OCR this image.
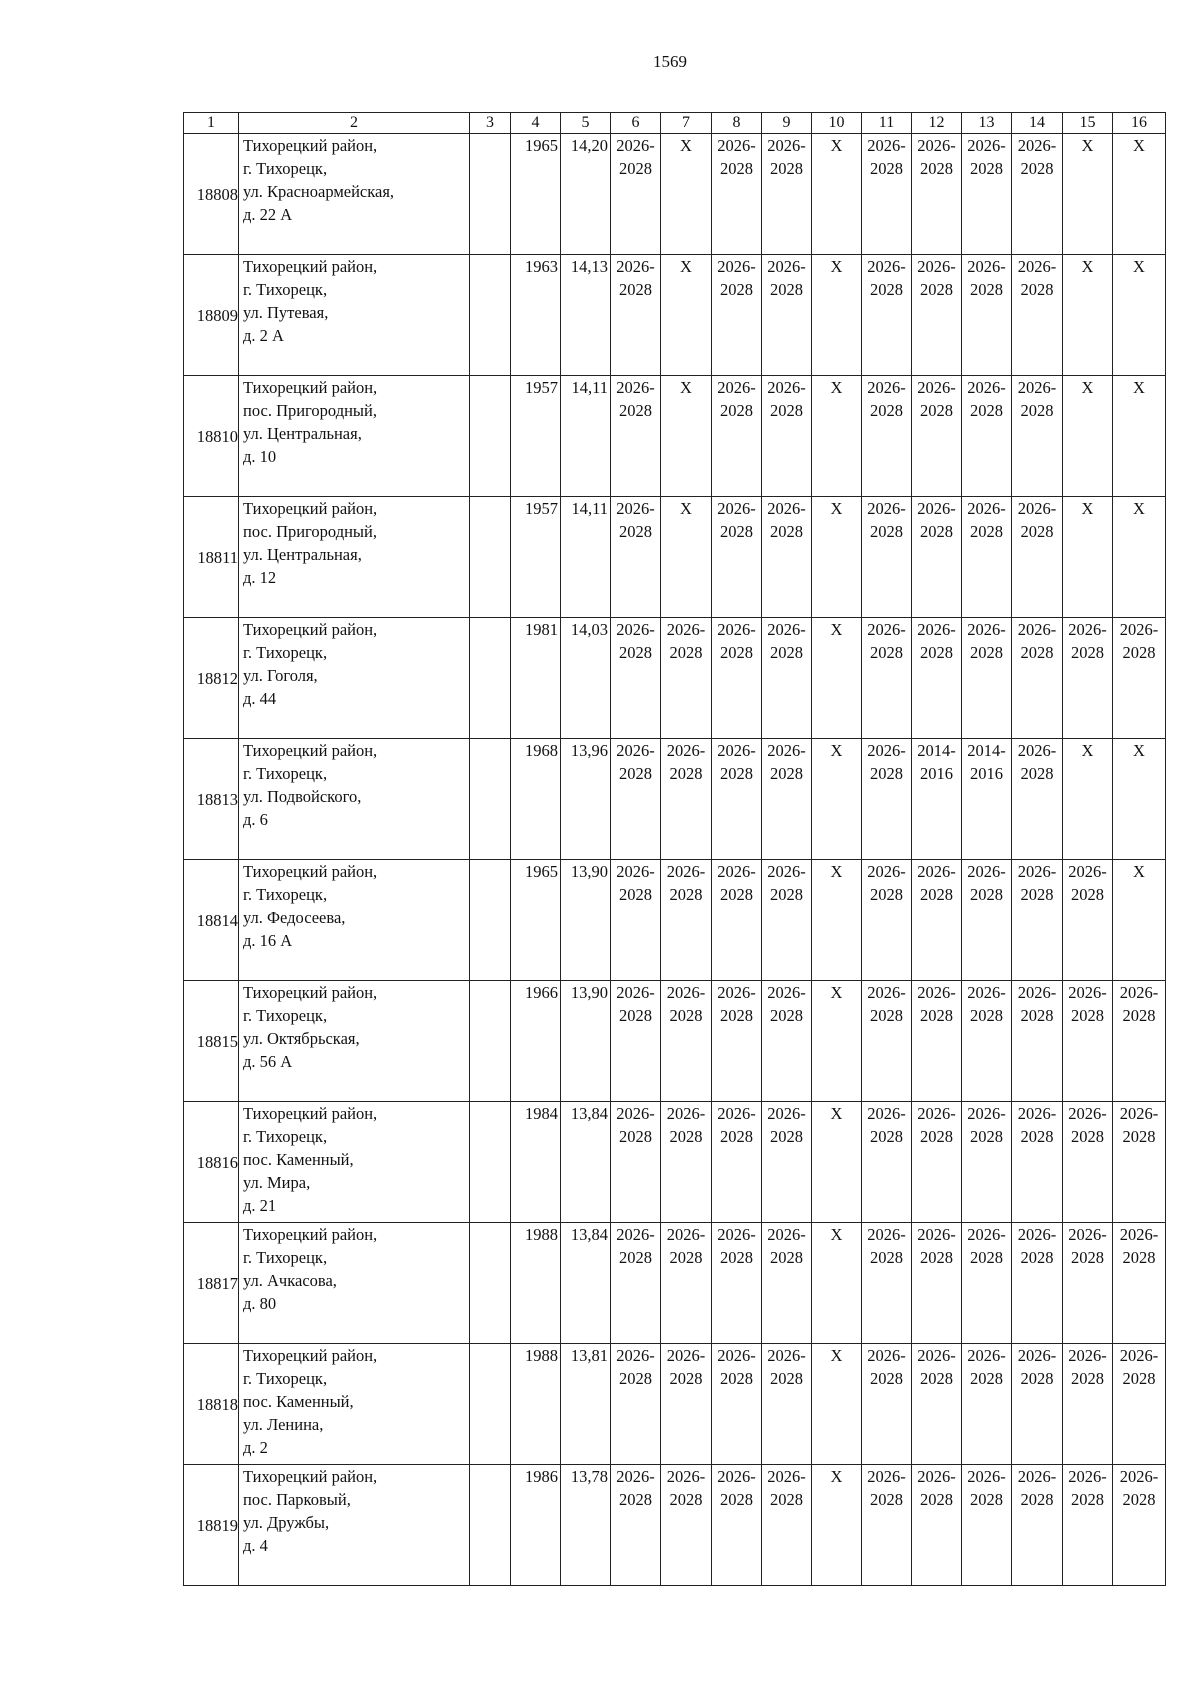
1569
1	2	3	4	5	6	7	8	9	10	11	12	13	14	15	16
18808	Тихорецкий район,
г. Тихорецк,
ул. Красноармейская,
д. 22 А		1965	14,20	2026-
2028	Х	2026-
2028	2026-
2028	Х	2026-
2028	2026-
2028	2026-
2028	2026-
2028	Х	Х
18809	Тихорецкий район,
г. Тихорецк,
ул. Путевая,
д. 2 А		1963	14,13	2026-
2028	Х	2026-
2028	2026-
2028	Х	2026-
2028	2026-
2028	2026-
2028	2026-
2028	Х	Х
18810	Тихорецкий район,
пос. Пригородный,
ул. Центральная,
д. 10		1957	14,11	2026-
2028	Х	2026-
2028	2026-
2028	Х	2026-
2028	2026-
2028	2026-
2028	2026-
2028	Х	Х
18811	Тихорецкий район,
пос. Пригородный,
ул. Центральная,
д. 12		1957	14,11	2026-
2028	Х	2026-
2028	2026-
2028	Х	2026-
2028	2026-
2028	2026-
2028	2026-
2028	Х	Х
18812	Тихорецкий район,
г. Тихорецк,
ул. Гоголя,
д. 44		1981	14,03	2026-
2028	2026-
2028	2026-
2028	2026-
2028	Х	2026-
2028	2026-
2028	2026-
2028	2026-
2028	2026-
2028	2026-
2028

18813	Тихорецкий район,
г. Тихорецк,
ул. Подвойского,
д. 6		1968	13,96	2026-
2028	2026-
2028	2026-
2028	2026-
2028	Х	2026-
2028	2014-
2016	2014-
2016	2026-
2028	Х	Х
18814	Тихорецкий район,
г. Тихорецк,
ул. Федосеева,
д. 16 А		1965	13,90	2026-
2028	2026-
2028	2026-
2028	2026-
2028	Х	2026-
2028	2026-
2028	2026-
2028	2026-
2028	2026-
2028	Х
18815	Тихорецкий район,
г. Тихорецк,
ул. Октябрьская,
д. 56 А		1966	13,90	2026-
2028	2026-
2028	2026-
2028	2026-
2028	Х	2026-
2028	2026-
2028	2026-
2028	2026-
2028	2026-
2028	2026-
2028

18816	Тихорецкий район,
г. Тихорецк,
пос. Каменный,
ул. Мира,
д. 21		1984	13,84	2026-
2028	2026-
2028	2026-
2028	2026-
2028	Х	2026-
2028	2026-
2028	2026-
2028	2026-
2028	2026-
2028	2026-
2028

18817	Тихорецкий район,
г. Тихорецк,
ул. Ачкасова,
д. 80		1988	13,84	2026-
2028	2026-
2028	2026-
2028	2026-
2028	Х	2026-
2028	2026-
2028	2026-
2028	2026-
2028	2026-
2028	2026-
2028

18818	Тихорецкий район,
г. Тихорецк,
пос. Каменный,
ул. Ленина,
д. 2		1988	13,81	2026-
2028	2026-
2028	2026-
2028	2026-
2028	Х	2026-
2028	2026-
2028	2026-
2028	2026-
2028	2026-
2028	2026-
2028

18819	Тихорецкий район,
пос. Парковый,
ул. Дружбы,
д. 4		1986	13,78	2026-
2028	2026-
2028	2026-
2028	2026-
2028	Х	2026-
2028	2026-
2028	2026-
2028	2026-
2028	2026-
2028	2026-
2028
